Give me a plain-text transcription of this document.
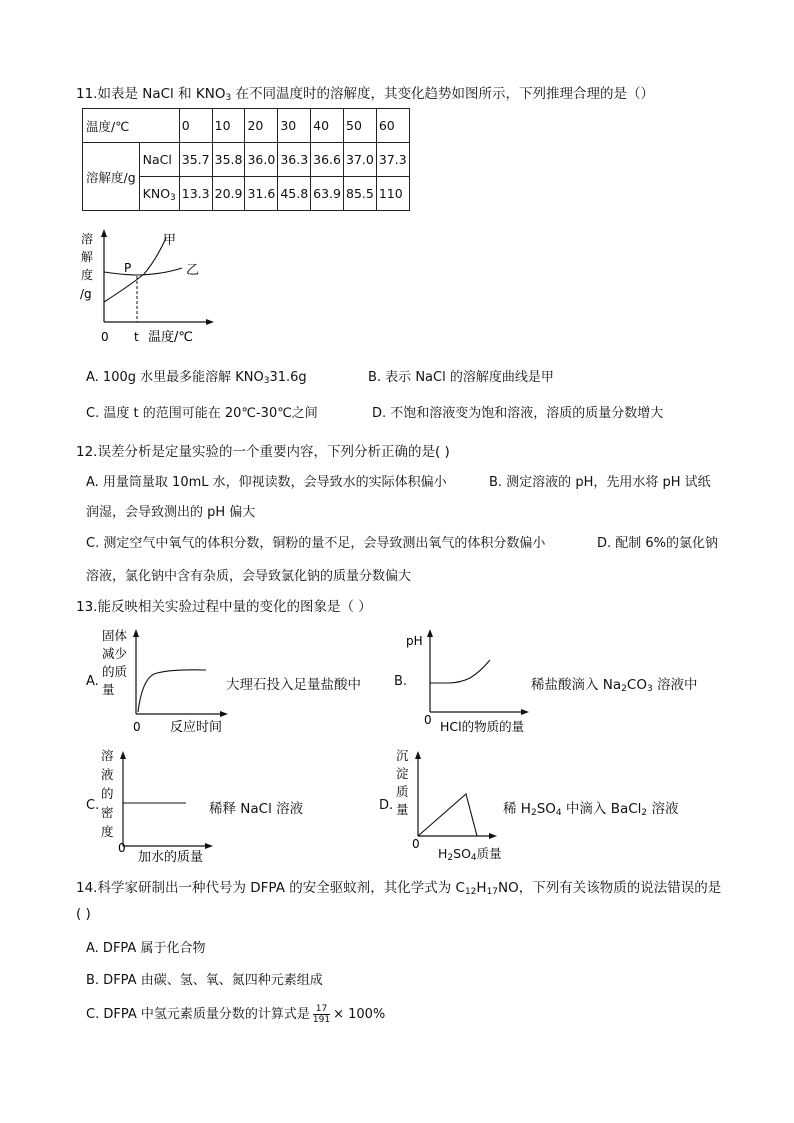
11.如表是 NaCl 和 $KNO_3$ 在不同温度时的溶解度，其变化趋势如图所示，下列推理合理的是（）
温度/℃		0	10	20	30	40	50	60
溶解度/g	NaCl	35.7	35.8	36.0	36.3	36.6	37.0	37.3
	$KNO_3$	13.3	20.9	31.6	45.8	63.9	85.5	110
溶
解
度
/g
甲
乙
P
0 t 温度/℃
A. 100g 水里最多能溶解 $KNO_331.6g$	B. 表示 NaCl 的溶解度曲线是甲
C. 温度 t 的范围可能在 20℃-30℃之间	D. 不饱和溶液变为饱和溶液，溶质的质量分数增大
12.误差分析是定量实验的一个重要内容，下列分析正确的是( )
A. 用量筒量取 10mL 水，仰视读数，会导致水的实际体积偏小	B. 测定溶液的 pH，先用水将 pH 试纸
润湿，会导致测出的 pH 偏大
C. 测定空气中氧气的体积分数，铜粉的量不足，会导致测出氧气的体积分数偏小	D. 配制 6%的氯化钠
溶液，氯化钠中含有杂质，会导致氯化钠的质量分数偏大
13.能反映相关实验过程中量的变化的图象是（ ）
A.
固体
减少
的质
量
0 反应时间
大理石投入足量盐酸中	B.
pH
0 HCl的物质的量
稀盐酸滴入 $Na_2CO_3$ 溶液中
C.
溶
液
的
密
度
0
加水的质量
稀释 NaCl 溶液	D.
沉
淀
质
量
0
$H_2SO_4$质量
稀 $H_2SO_4$ 中滴入 BaCl$_2$ 溶液
14.科学家研制出一种代号为 DFPA 的安全驱蚊剂，其化学式为 $C_{12}H_{17}NO$，下列有关该物质的说法错误的是
( )
A. DFPA 属于化合物
B. DFPA 由碳、氢、氧、氮四种元素组成
C. DFPA 中氢元素质量分数的计算式是 $\frac{17}{191} \times 100\%$
